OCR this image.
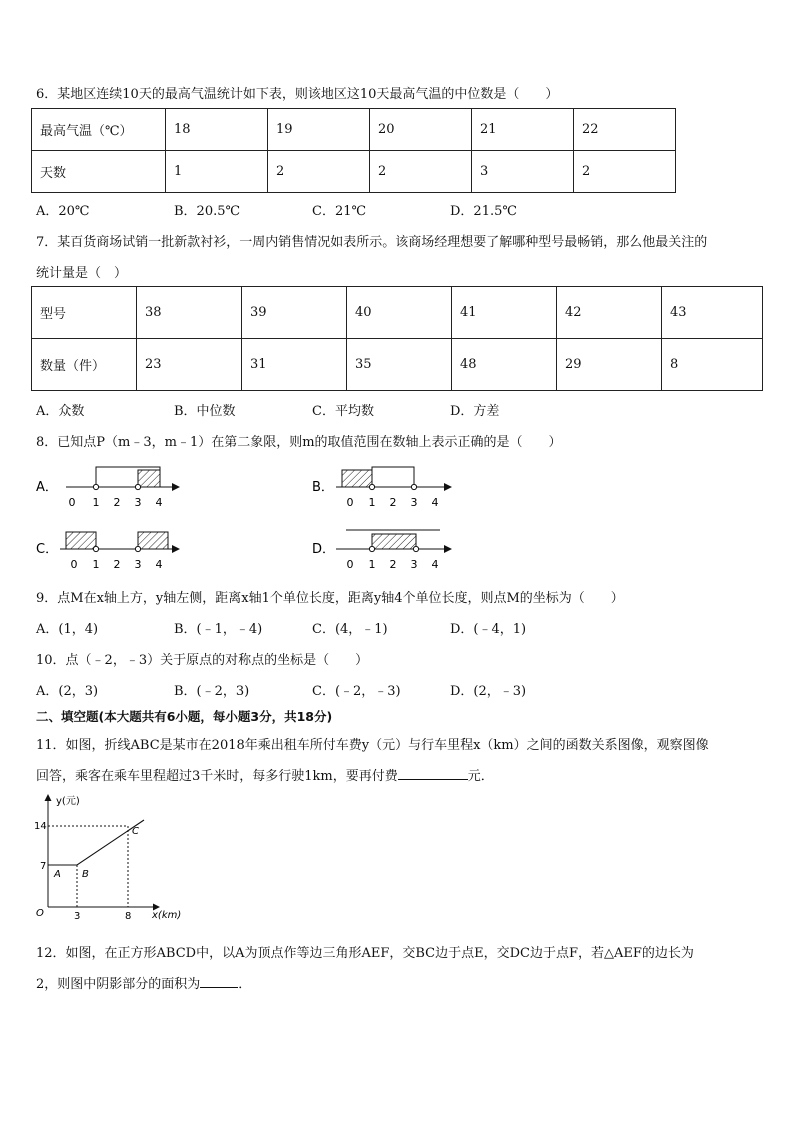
6．某地区连续10天的最高气温统计如下表，则该地区这10天最高气温的中位数是（　　）
最高气温（℃）	18	19	20	21	22
天数	1	2	2	3	2
A．20℃	B．20.5℃	C．21℃	D．21.5℃
7．某百货商场试销一批新款衬衫，一周内销售情况如表所示。该商场经理想要了解哪种型号最畅销，那么他最关注的
统计量是（　）
型号	38	39	40	41	42	43
数量（件）	23	31	35	48	29	8
A．众数	B．中位数	C．平均数	D．方差
8．已知点P（m﹣3，m﹣1）在第二象限，则m的取值范围在数轴上表示正确的是（　　）
A．
0 1 2 3 4
B．
0 1 2 3 4
C．
0 1 2 3 4
D．
0 1 2 3 4
9．点M在x轴上方，y轴左侧，距离x轴1个单位长度，距离y轴4个单位长度，则点M的坐标为（　　）
A．(1，4)	B．(﹣1，﹣4)	C．(4，﹣1)	D．(﹣4，1)
10．点（﹣2，﹣3）关于原点的对称点的坐标是（　　）
A．(2，3)	B．(﹣2，3)	C．(﹣2，﹣3)	D．(2，﹣3)
二、填空题(本大题共有6小题，每小题3分，共18分)
11．如图，折线ABC是某市在2018年乘出租车所付车费y（元）与行车里程x（km）之间的函数关系图像，观察图像
回答，乘客在乘车里程超过3千米时，每多行驶1km，要再付费	元．
y(元)
x(km)
O
14
7
3	8
A B
C
12．如图，在正方形ABCD中，以A为顶点作等边三角形AEF，交BC边于点E，交DC边于点F，若△AEF的边长为
2，则图中阴影部分的面积为	．
